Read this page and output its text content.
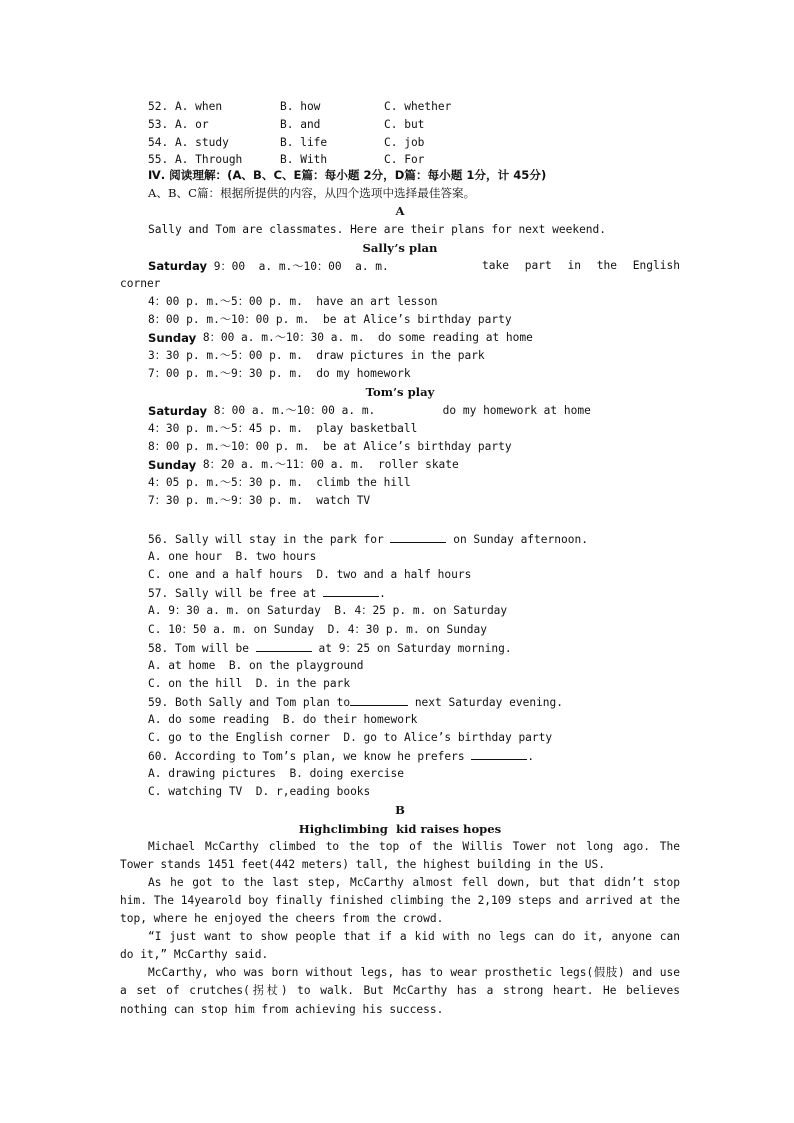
52. A. when	B. how	C. whether
53. A. or	B. and	C. but
54. A. study	B. life	C. job
55. A. Through	B. With	C. For
Ⅳ. 阅读理解：(A、B、C、E篇：每小题 2分，D篇：每小题 1分，计 45分)
A、B、C篇：根据所提供的内容，从四个选项中选择最佳答案。
A
Sally and Tom are classmates. Here are their plans for next weekend.
Sally’s plan
Saturday 9：00  a. m.～10：00  a. m.	take part in the English
corner
4：00 p. m.～5：00 p. m. have an art lesson
8：00 p. m.～10：00 p. m. be at Alice’s birthday party
Sunday 8：00 a. m.～10：30 a. m. do some reading at home
3：30 p. m.～5：00 p. m. draw pictures in the park
7：00 p. m.～9：30 p. m. do my homework
Tom’s play
Saturday 8：00 a. m.～10：00 a. m. do my homework at home
4：30 p. m.～5：45 p. m. play basketball
8：00 p. m.～10：00 p. m. be at Alice’s birthday party
Sunday 8：20 a. m.～11：00 a. m. roller skate
4：05 p. m.～5：30 p. m. climb the hill
7：30 p. m.～9：30 p. m. watch TV
56. Sally will stay in the park for	on Sunday afternoon.
A. one hour  B. two hours
C. one and a half hours  D. two and a half hours
57. Sally will be free at	.
A. 9：30 a. m. on Saturday  B. 4：25 p. m. on Saturday
C. 10：50 a. m. on Sunday  D. 4：30 p. m. on Sunday
58. Tom will be	at 9：25 on Saturday morning.
A. at home  B. on the playground
C. on the hill  D. in the park
59. Both Sally and Tom plan to	next Saturday evening.
A. do some reading  B. do their homework
C. go to the English corner  D. go to Alice’s birthday party
60. According to Tom’s plan, we know he prefers	.
A. drawing pictures  B. doing exercise
C. watching TV  D. r,eading books
B
Highclimbing  kid raises hopes
Michael McCarthy climbed to the top of the Willis Tower not long ago. The Tower stands 1451 feet(442 meters) tall, the highest building in the US.
As he got to the last step, McCarthy almost fell down, but that didn’t stop him. The 14yearold boy finally finished climbing the 2,109 steps and arrived at the top, where he enjoyed the cheers from the crowd.
“I just want to show people that if a kid with no legs can do it, anyone can do it,” McCarthy said.
McCarthy, who was born without legs, has to wear prosthetic legs(假肢) and use a set of crutches(拐杖) to walk. But McCarthy has a strong heart. He believes nothing can stop him from achieving his success.
